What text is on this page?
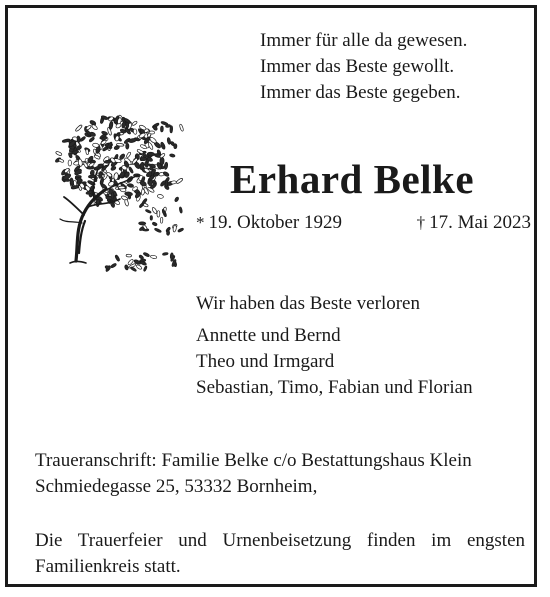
Immer für alle da gewesen.
Immer das Beste gewollt.
Immer das Beste gegeben.
Erhard Belke
* 19. Oktober 1929	† 17. Mai 2023
Wir haben das Beste verloren
Annette und Bernd
Theo und Irmgard
Sebastian, Timo, Fabian und Florian
Traueranschrift: Familie Belke c/o Bestattungshaus Klein
Schmiedegasse 25, 53332 Bornheim,
Die Trauerfeier und Urnenbeisetzung finden im engsten
Familienkreis statt.
